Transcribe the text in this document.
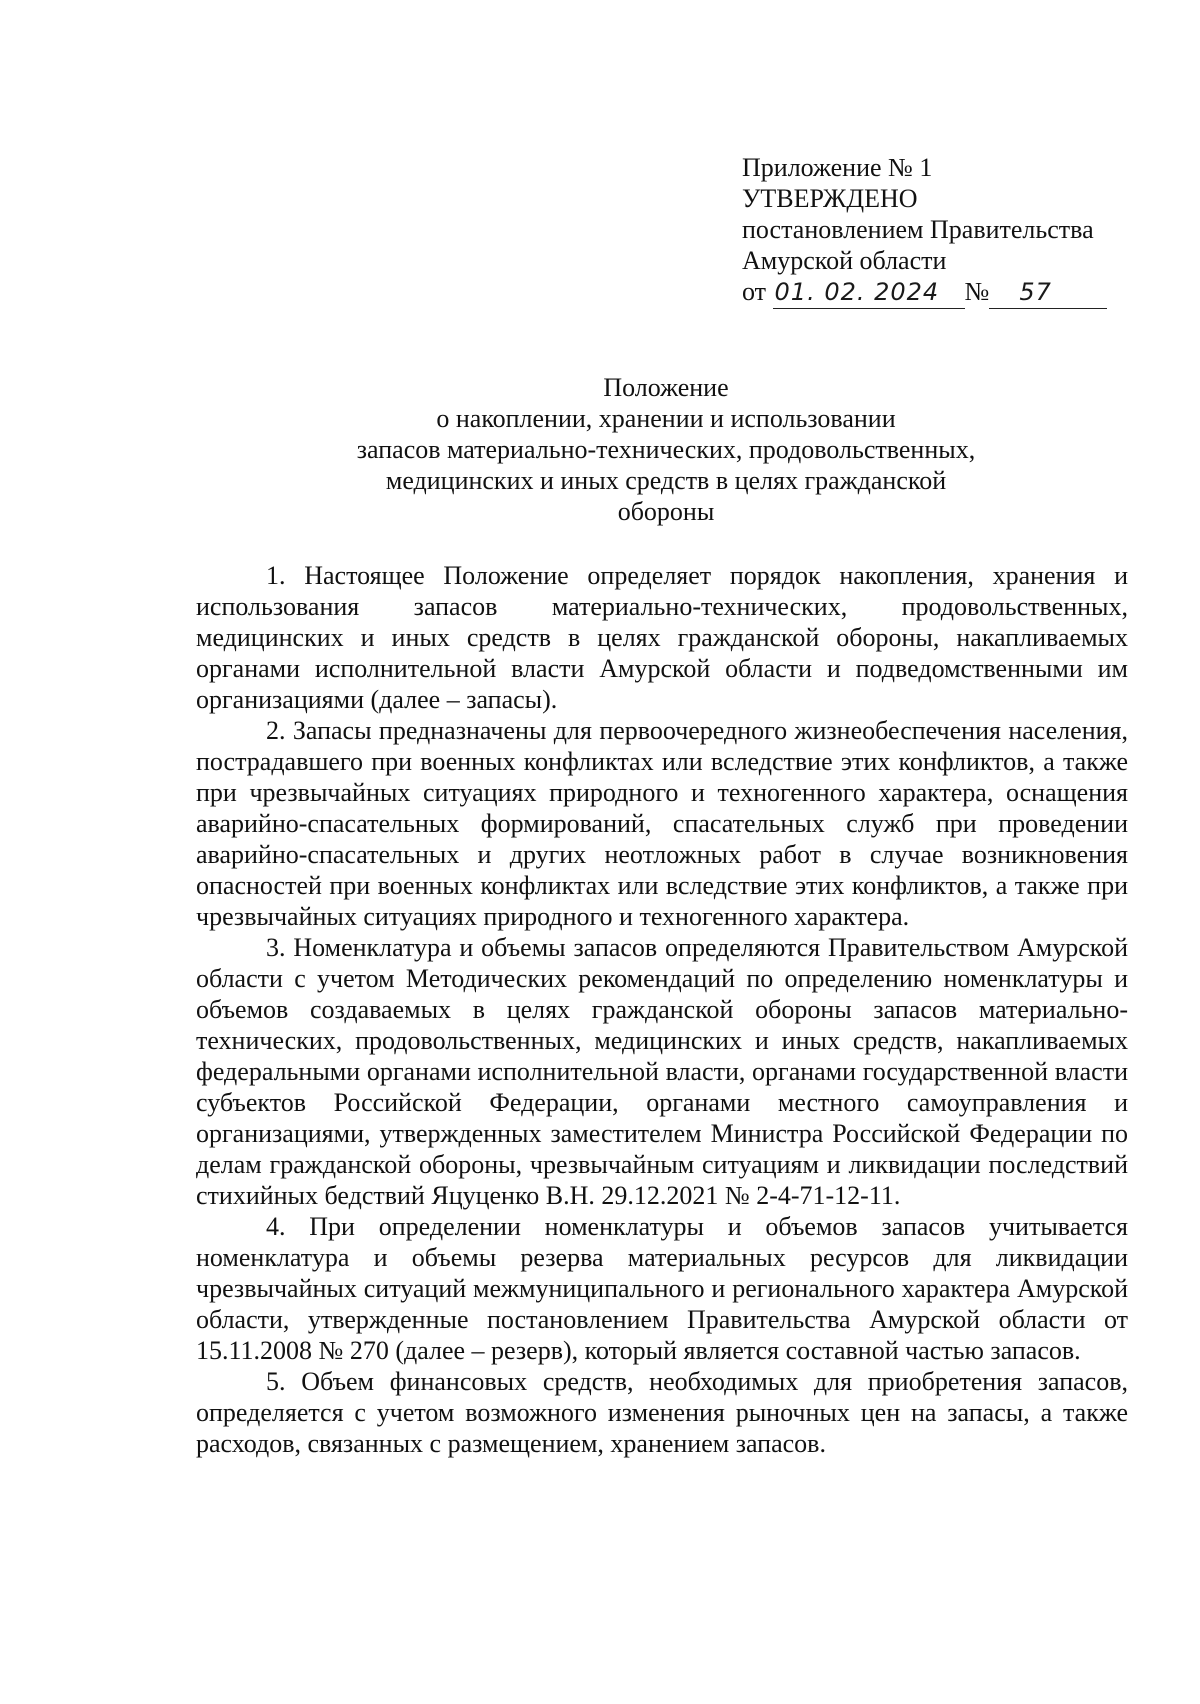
Приложение № 1
УТВЕРЖДЕНО
постановлением Правительства
Амурской области
от 01. 02. 2024 № 57
Положение
о накоплении, хранении и использовании
запасов материально-технических, продовольственных,
медицинских и иных средств в целях гражданской
обороны

1. Настоящее Положение определяет порядок накопления, хранения и использования запасов материально-технических, продовольственных, медицинских и иных средств в целях гражданской обороны, накапливаемых органами исполнительной власти Амурской области и подведомственными им организациями (далее – запасы).

2. Запасы предназначены для первоочередного жизнеобеспечения населения, пострадавшего при военных конфликтах или вследствие этих конфликтов, а также при чрезвычайных ситуациях природного и техногенного характера, оснащения аварийно-спасательных формирований, спасательных служб при проведении аварийно-спасательных и других неотложных работ в случае возникновения опасностей при военных конфликтах или вследствие этих конфликтов, а также при чрезвычайных ситуациях природного и техногенного характера.

3. Номенклатура и объемы запасов определяются Правительством Амурской области с учетом Методических рекомендаций по определению номенклатуры и объемов создаваемых в целях гражданской обороны запасов материально-технических, продовольственных, медицинских и иных средств, накапливаемых федеральными органами исполнительной власти, органами государственной власти субъектов Российской Федерации, органами местного самоуправления и организациями, утвержденных заместителем Министра Российской Федерации по делам гражданской обороны, чрезвычайным ситуациям и ликвидации последствий стихийных бедствий Яцуценко В.Н. 29.12.2021 № 2-4-71-12-11.

4. При определении номенклатуры и объемов запасов учитывается номенклатура и объемы резерва материальных ресурсов для ликвидации чрезвычайных ситуаций межмуниципального и регионального характера Амурской области, утвержденные постановлением Правительства Амурской области от 15.11.2008 № 270 (далее – резерв), который является составной частью запасов.

5. Объем финансовых средств, необходимых для приобретения запасов, определяется с учетом возможного изменения рыночных цен на запасы, а также расходов, связанных с размещением, хранением запасов.
